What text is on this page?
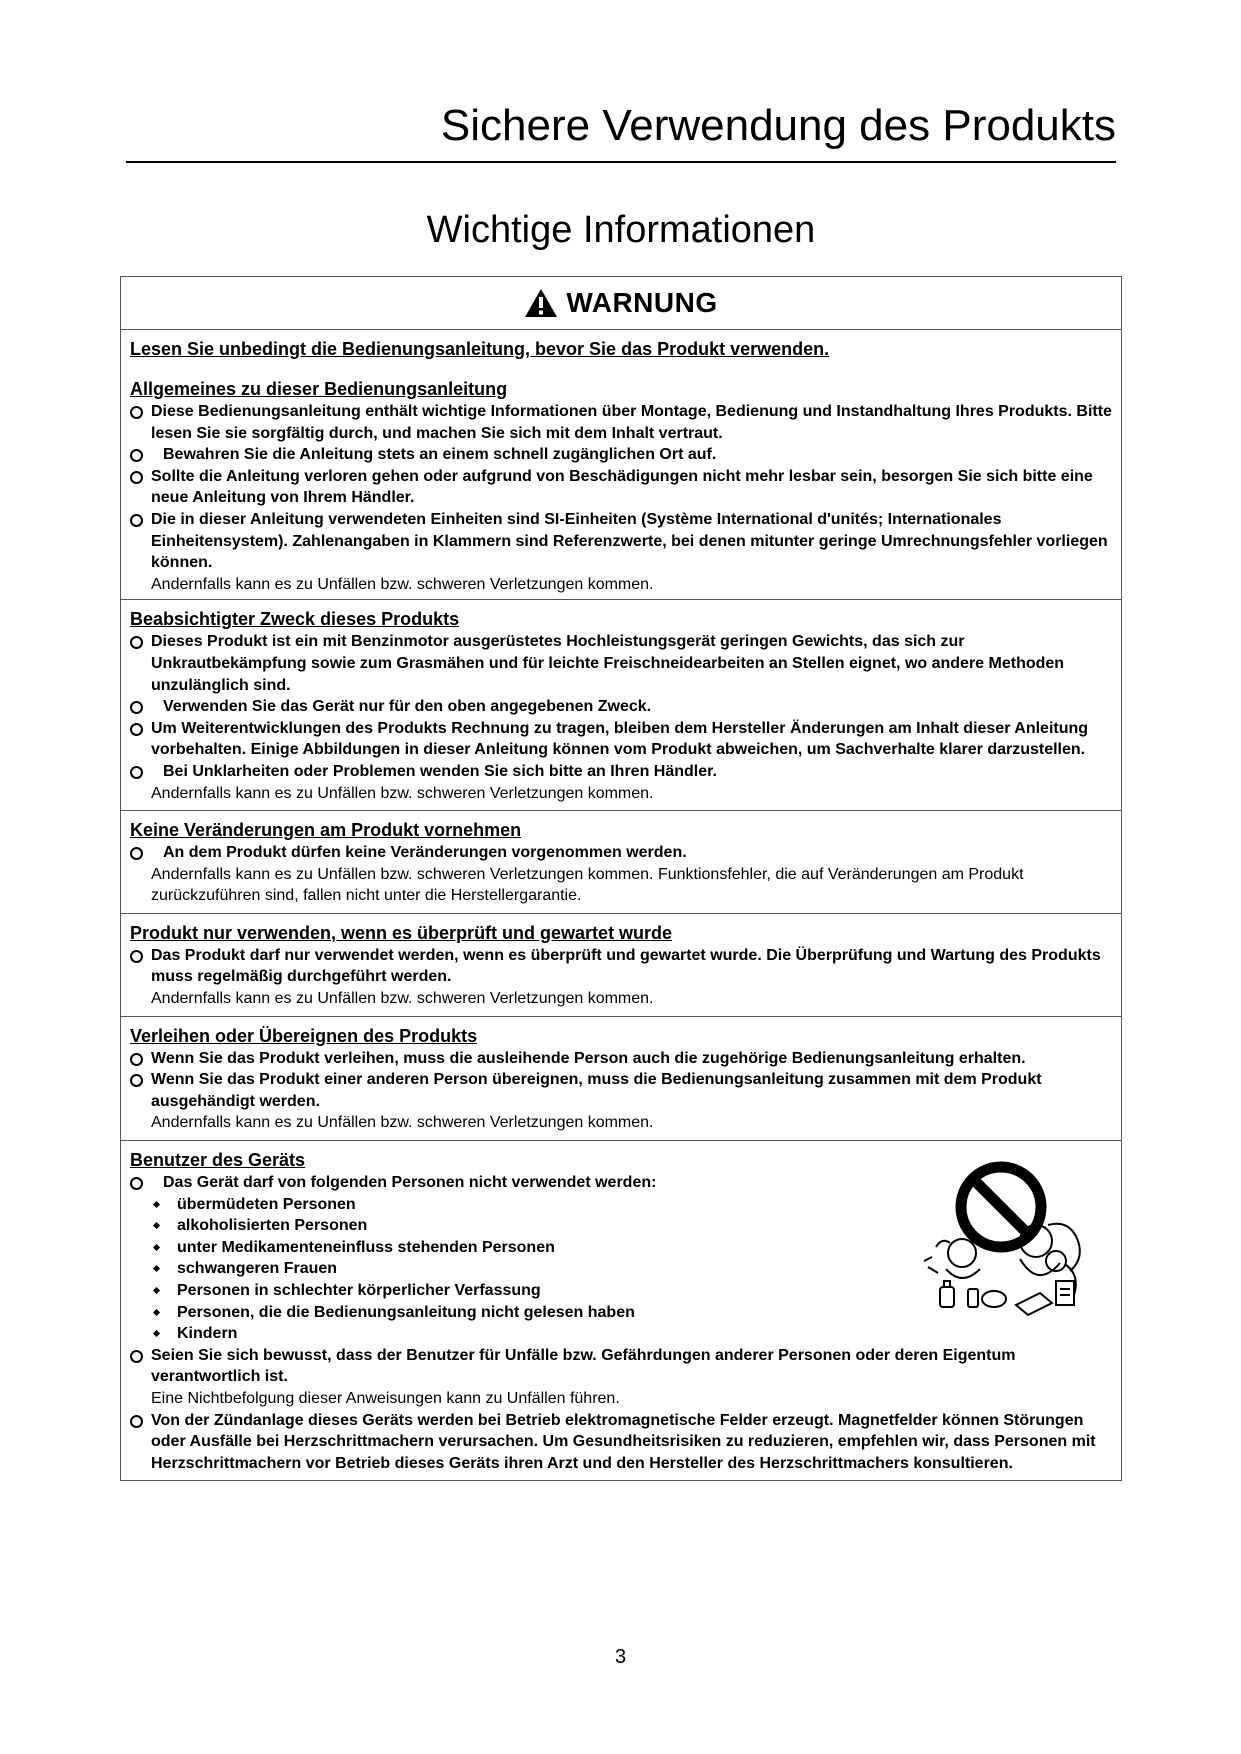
Sichere Verwendung des Produkts
Wichtige Informationen
WARNUNG
Lesen Sie unbedingt die Bedienungsanleitung, bevor Sie das Produkt verwenden.
Allgemeines zu dieser Bedienungsanleitung
Diese Bedienungsanleitung enthält wichtige Informationen über Montage, Bedienung und Instandhaltung Ihres Produkts. Bitte lesen Sie sie sorgfältig durch, und machen Sie sich mit dem Inhalt vertraut.
Bewahren Sie die Anleitung stets an einem schnell zugänglichen Ort auf.
Sollte die Anleitung verloren gehen oder aufgrund von Beschädigungen nicht mehr lesbar sein, besorgen Sie sich bitte eine neue Anleitung von Ihrem Händler.
Die in dieser Anleitung verwendeten Einheiten sind SI-Einheiten (Système International d'unités; Internationales Einheitensystem). Zahlenangaben in Klammern sind Referenzwerte, bei denen mitunter geringe Umrechnungsfehler vorliegen können.
Andernfalls kann es zu Unfällen bzw. schweren Verletzungen kommen.
Beabsichtigter Zweck dieses Produkts
Dieses Produkt ist ein mit Benzinmotor ausgerüstetes Hochleistungsgerät geringen Gewichts, das sich zur Unkrautbekämpfung sowie zum Grasmähen und für leichte Freischneidearbeiten an Stellen eignet, wo andere Methoden unzulänglich sind.
Verwenden Sie das Gerät nur für den oben angegebenen Zweck.
Um Weiterentwicklungen des Produkts Rechnung zu tragen, bleiben dem Hersteller Änderungen am Inhalt dieser Anleitung vorbehalten. Einige Abbildungen in dieser Anleitung können vom Produkt abweichen, um Sachverhalte klarer darzustellen.
Bei Unklarheiten oder Problemen wenden Sie sich bitte an Ihren Händler.
Andernfalls kann es zu Unfällen bzw. schweren Verletzungen kommen.
Keine Veränderungen am Produkt vornehmen
An dem Produkt dürfen keine Veränderungen vorgenommen werden.
Andernfalls kann es zu Unfällen bzw. schweren Verletzungen kommen. Funktionsfehler, die auf Veränderungen am Produkt zurückzuführen sind, fallen nicht unter die Herstellergarantie.
Produkt nur verwenden, wenn es überprüft und gewartet wurde
Das Produkt darf nur verwendet werden, wenn es überprüft und gewartet wurde. Die Überprüfung und Wartung des Produkts muss regelmäßig durchgeführt werden.
Andernfalls kann es zu Unfällen bzw. schweren Verletzungen kommen.
Verleihen oder Übereignen des Produkts
Wenn Sie das Produkt verleihen, muss die ausleihende Person auch die zugehörige Bedienungsanleitung erhalten.
Wenn Sie das Produkt einer anderen Person übereignen, muss die Bedienungsanleitung zusammen mit dem Produkt ausgehändigt werden.
Andernfalls kann es zu Unfällen bzw. schweren Verletzungen kommen.
Benutzer des Geräts
Das Gerät darf von folgenden Personen nicht verwendet werden:
übermüdeten Personen
alkoholisierten Personen
unter Medikamenteneinfluss stehenden Personen
schwangeren Frauen
Personen in schlechter körperlicher Verfassung
Personen, die die Bedienungsanleitung nicht gelesen haben
Kindern
Seien Sie sich bewusst, dass der Benutzer für Unfälle bzw. Gefährdungen anderer Personen oder deren Eigentum verantwortlich ist.
Eine Nichtbefolgung dieser Anweisungen kann zu Unfällen führen.
Von der Zündanlage dieses Geräts werden bei Betrieb elektromagnetische Felder erzeugt. Magnetfelder können Störungen oder Ausfälle bei Herzschrittmachern verursachen. Um Gesundheitsrisiken zu reduzieren, empfehlen wir, dass Personen mit Herzschrittmachern vor Betrieb dieses Geräts ihren Arzt und den Hersteller des Herzschrittmachers konsultieren.
3
